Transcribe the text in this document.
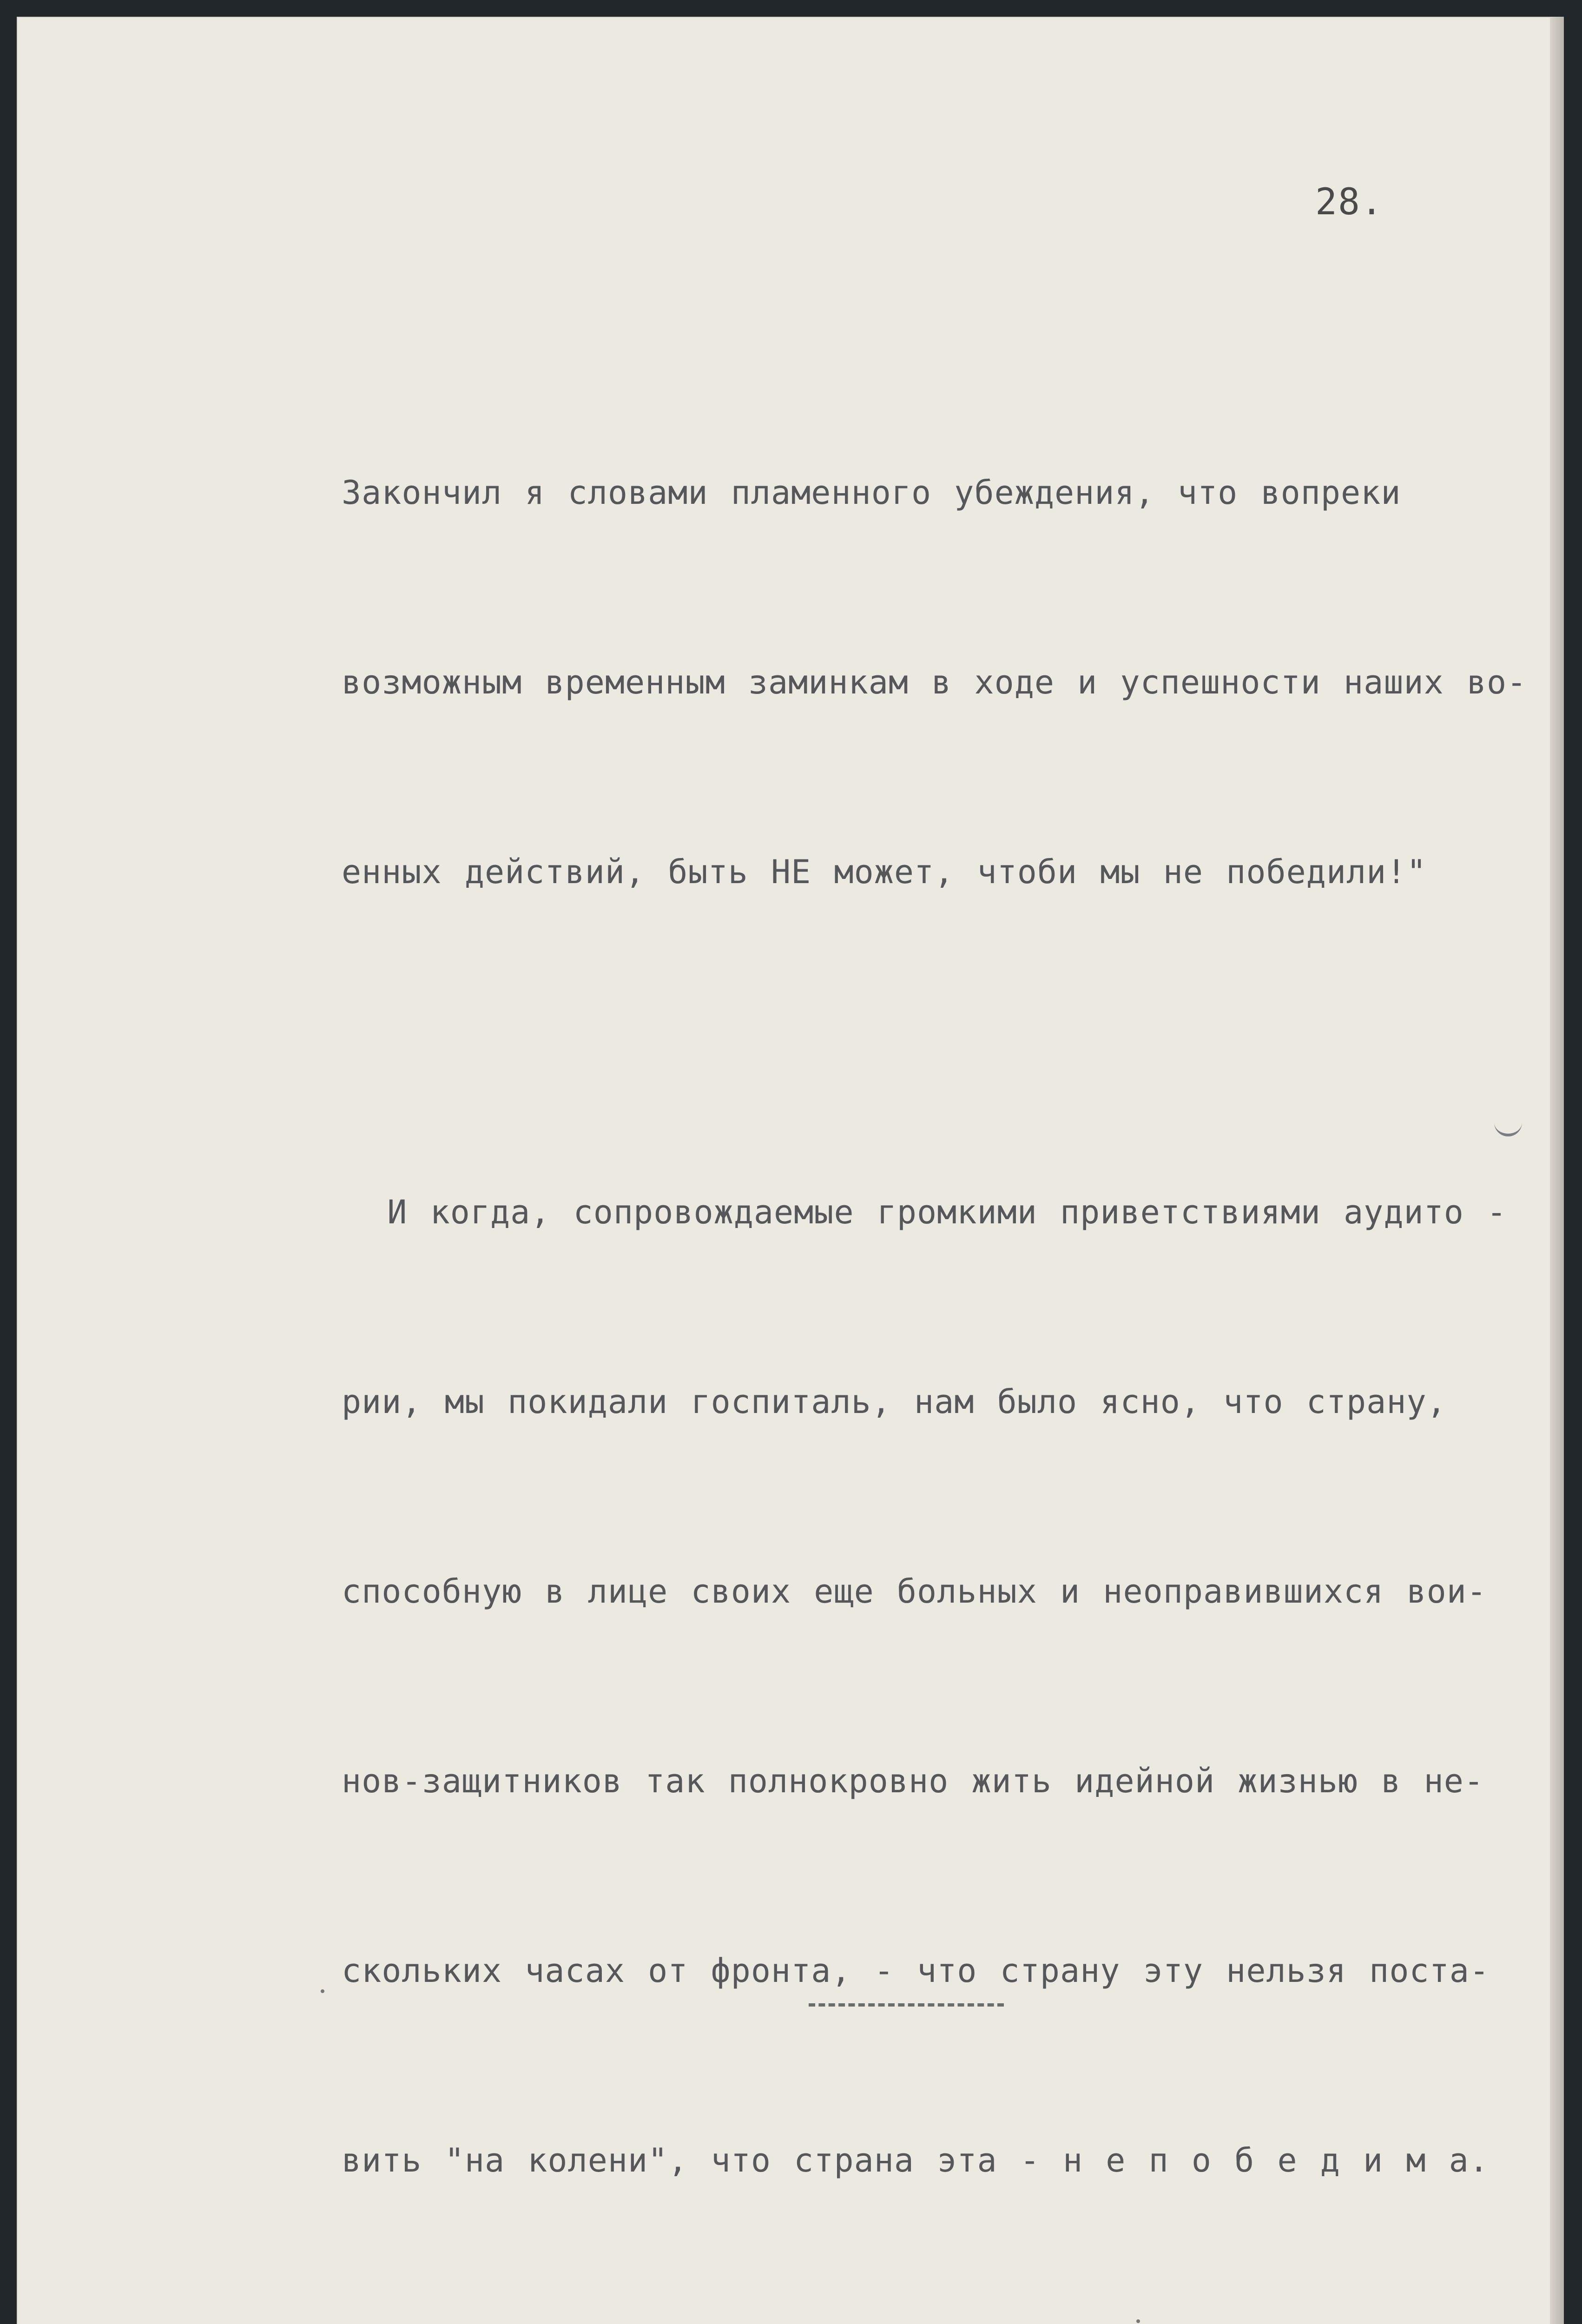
28.

Закончил я словами пламенного убеждения, что вопреки

возможным временным заминкам в ходе и успешности наших во-

енных действий, быть НЕ может, чтоби мы не победили!"

И когда, сопровождаемые громкими приветствиями аудито -

рии, мы покидали госпиталь, нам было ясно, что страну,

способную в лице своих еще больных и неоправившихся вои-

нов-защитников так полнокровно жить идейной жизнью в не-

скольких часах от фронта, - что страну эту нельзя поста-

вить "на колени", что страна эта - н е п о б е д и м а.
